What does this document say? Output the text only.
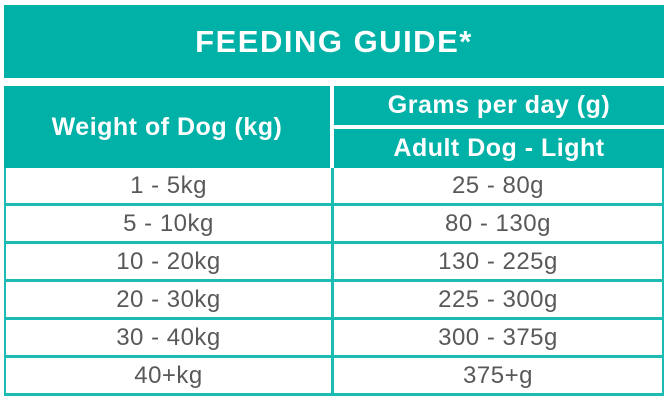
FEEDING GUIDE*
Weight of Dog (kg)
Grams per day (g)
Adult Dog - Light
1 - 5kg	25 - 80g
5 - 10kg	80 - 130g
10 - 20kg	130 - 225g
20 - 30kg	225 - 300g
30 - 40kg	300 - 375g
40+kg	375+g
